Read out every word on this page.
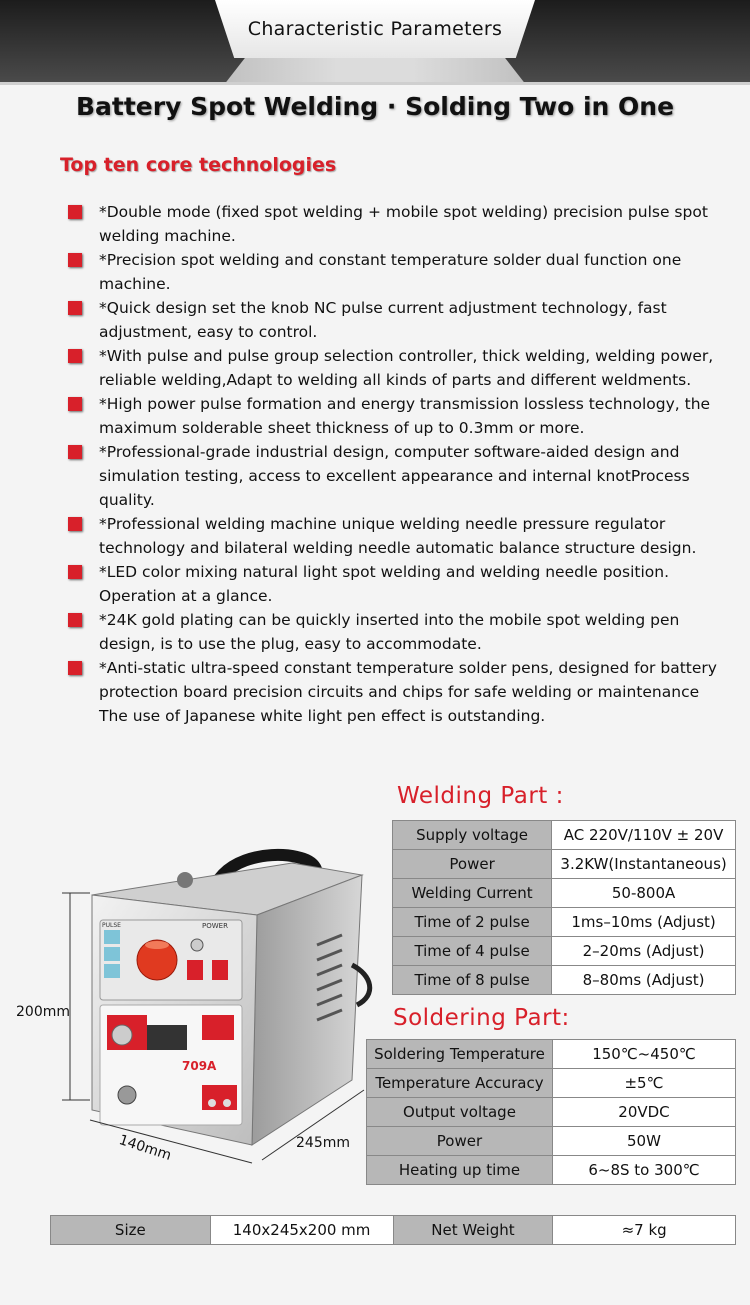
Characteristic Parameters
Battery Spot Welding · Solding Two in One
Top ten core technologies
*Double mode (fixed spot welding + mobile spot welding) precision pulse spot welding machine.
*Precision spot welding and constant temperature solder dual function one machine.
*Quick design set the knob NC pulse current adjustment technology, fast adjustment, easy to control.
*With pulse and pulse group selection controller, thick welding, welding power, reliable welding,Adapt to welding all kinds of parts and different weldments.
*High power pulse formation and energy transmission lossless technology, the maximum solderable sheet thickness of up to 0.3mm or more.
*Professional-grade industrial design, computer software-aided design and simulation testing, access to excellent appearance and internal knotProcess quality.
*Professional welding machine unique welding needle pressure regulator technology and bilateral welding needle automatic balance structure design.
*LED color mixing natural light spot welding and welding needle position. Operation at a glance.
*24K gold plating can be quickly inserted into the mobile spot welding pen design, is to use the plug, easy to accommodate.
*Anti-static ultra-speed constant temperature solder pens, designed for battery protection board precision circuits and chips for safe welding or maintenance The use of Japanese white light pen effect is outstanding.
Welding Part :
Supply voltage	AC 220V/110V ± 20V
Power	3.2KW(Instantaneous)
Welding Current	50-800A
Time of 2 pulse	1ms–10ms (Adjust)
Time of 4 pulse	2–20ms (Adjust)
Time of 8 pulse	8–80ms (Adjust)
Soldering Part:
Soldering Temperature	150℃~450℃
Temperature Accuracy	±5℃
Output voltage	20VDC
Power	50W
Heating up time	6~8S to 300℃
PULSE	POWER
709A
200mm
140mm	245mm
Size	140x245x200 mm	Net Weight	≈7 kg
